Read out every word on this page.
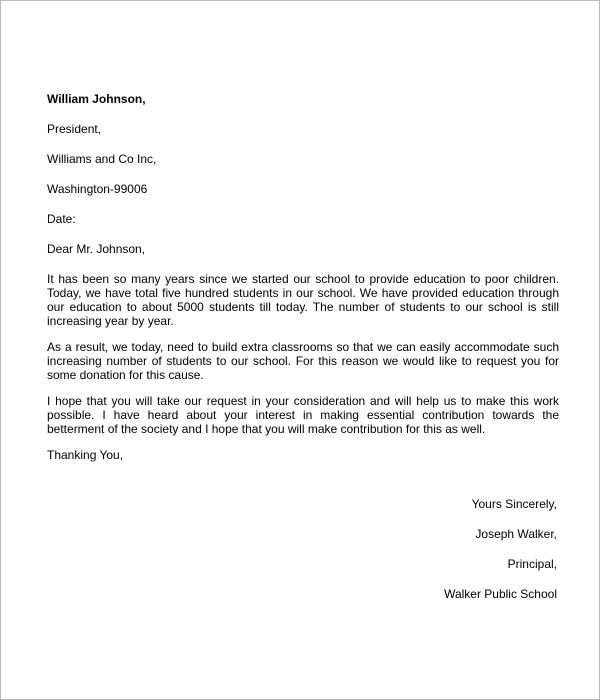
William Johnson,
President,
Williams and Co Inc,
Washington-99006
Date:
Dear Mr. Johnson,

It has been so many years since we started our school to provide education to poor children. Today, we have total five hundred students in our school. We have provided education through our education to about 5000 students till today. The number of students to our school is still increasing year by year.

As a result, we today, need to build extra classrooms so that we can easily accommodate such increasing number of students to our school. For this reason we would like to request you for some donation for this cause.

I hope that you will take our request in your consideration and will help us to make this work possible. I have heard about your interest in making essential contribution towards the betterment of the society and I hope that you will make contribution for this as well.

Thanking You,
Yours Sincerely,
Joseph Walker,
Principal,
Walker Public School
